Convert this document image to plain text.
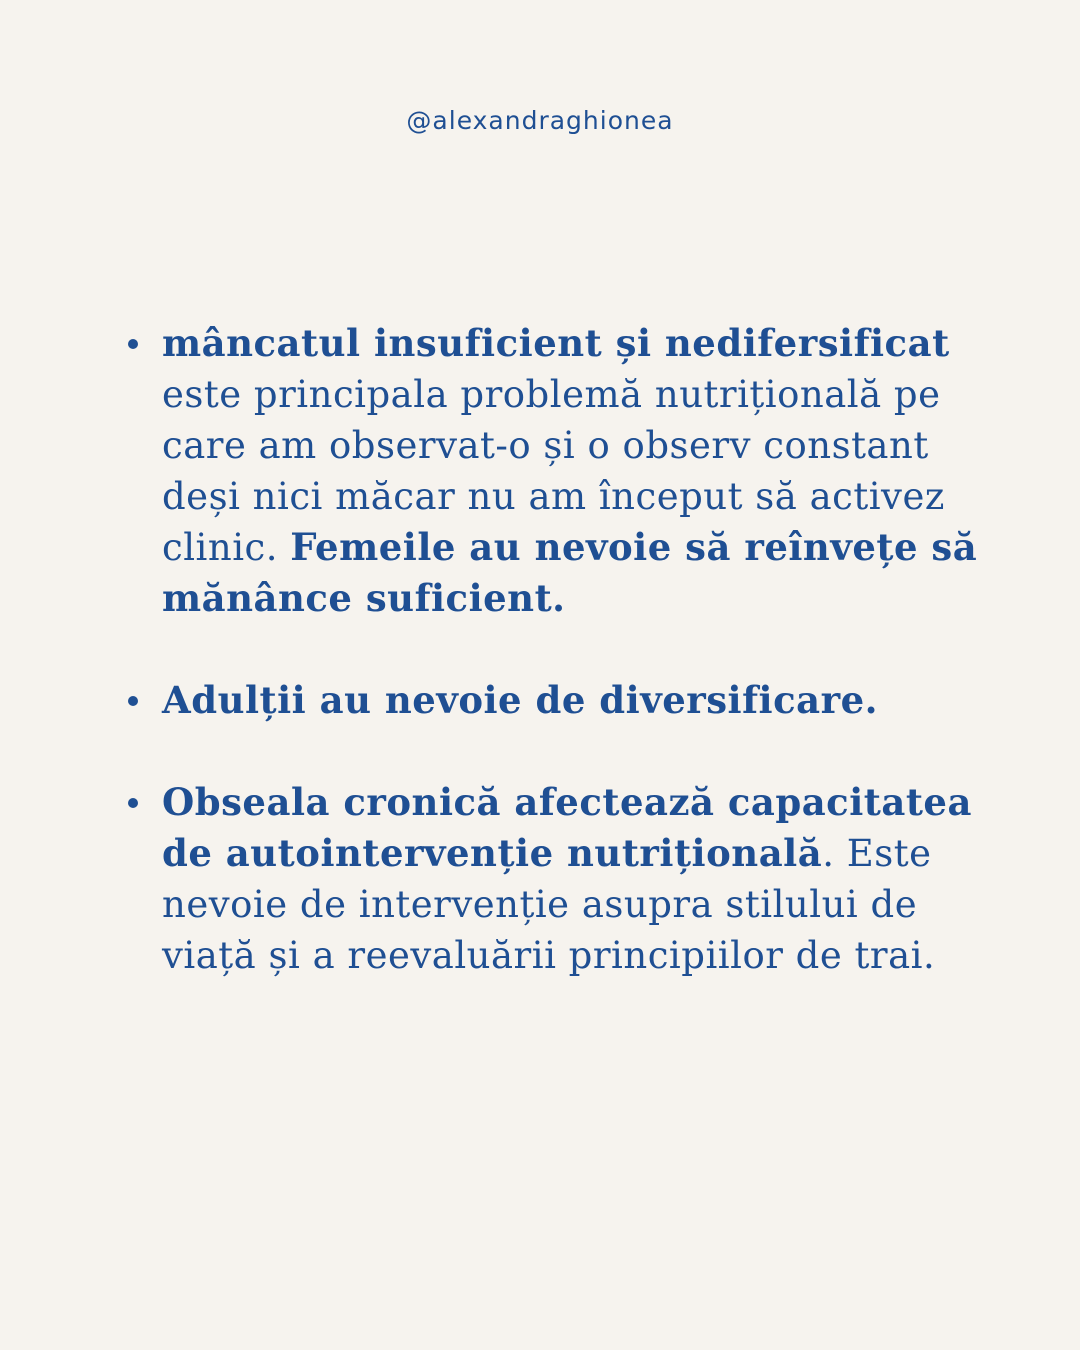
@alexandraghionea
mâncatul insuficient și nedifersificat este principala problemă nutrițională pe care am observat-o și o observ constant deși nici măcar nu am început să activez clinic. Femeile au nevoie să reînvețe să mănânce suficient.
Adulții au nevoie de diversificare.
Obseala cronică afectează capacitatea de autointervenție nutrițională. Este nevoie de intervenție asupra stilului de viață și a reevaluării principiilor de trai.
